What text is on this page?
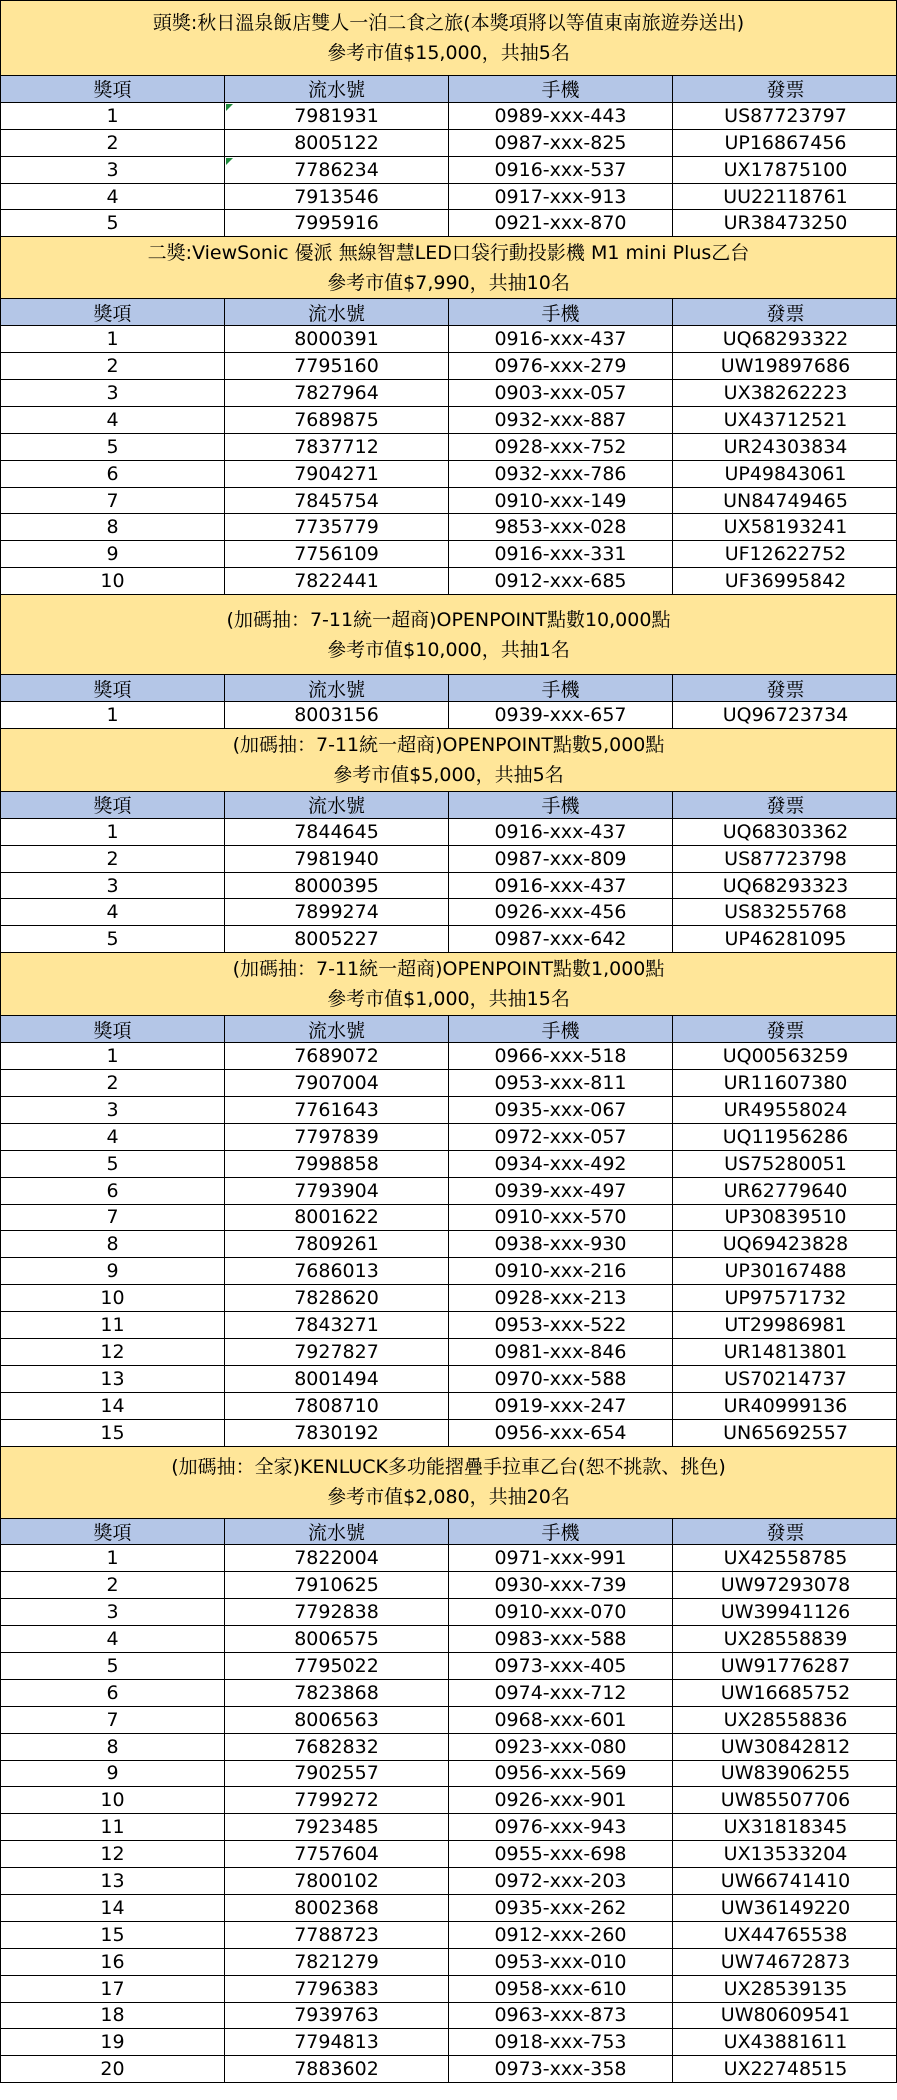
頭獎:秋日溫泉飯店雙人一泊二食之旅(本獎項將以等值東南旅遊券送出)
參考市值$15,000，共抽5名
獎項	流水號	手機	發票
1	7981931	0989-xxx-443	US87723797
2	8005122	0987-xxx-825	UP16867456
3	7786234	0916-xxx-537	UX17875100
4	7913546	0917-xxx-913	UU22118761
5	7995916	0921-xxx-870	UR38473250
二獎:ViewSonic 優派 無線智慧LED口袋行動投影機 M1 mini Plus乙台
參考市值$7,990，共抽10名
獎項	流水號	手機	發票
1	8000391	0916-xxx-437	UQ68293322
2	7795160	0976-xxx-279	UW19897686
3	7827964	0903-xxx-057	UX38262223
4	7689875	0932-xxx-887	UX43712521
5	7837712	0928-xxx-752	UR24303834
6	7904271	0932-xxx-786	UP49843061
7	7845754	0910-xxx-149	UN84749465
8	7735779	9853-xxx-028	UX58193241
9	7756109	0916-xxx-331	UF12622752
10	7822441	0912-xxx-685	UF36995842
(加碼抽：7-11統一超商)OPENPOINT點數10,000點
參考市值$10,000，共抽1名
獎項	流水號	手機	發票
1	8003156	0939-xxx-657	UQ96723734
(加碼抽：7-11統一超商)OPENPOINT點數5,000點
參考市值$5,000，共抽5名
獎項	流水號	手機	發票
1	7844645	0916-xxx-437	UQ68303362
2	7981940	0987-xxx-809	US87723798
3	8000395	0916-xxx-437	UQ68293323
4	7899274	0926-xxx-456	US83255768
5	8005227	0987-xxx-642	UP46281095
(加碼抽：7-11統一超商)OPENPOINT點數1,000點
參考市值$1,000，共抽15名
獎項	流水號	手機	發票
1	7689072	0966-xxx-518	UQ00563259
2	7907004	0953-xxx-811	UR11607380
3	7761643	0935-xxx-067	UR49558024
4	7797839	0972-xxx-057	UQ11956286
5	7998858	0934-xxx-492	US75280051
6	7793904	0939-xxx-497	UR62779640
7	8001622	0910-xxx-570	UP30839510
8	7809261	0938-xxx-930	UQ69423828
9	7686013	0910-xxx-216	UP30167488
10	7828620	0928-xxx-213	UP97571732
11	7843271	0953-xxx-522	UT29986981
12	7927827	0981-xxx-846	UR14813801
13	8001494	0970-xxx-588	US70214737
14	7808710	0919-xxx-247	UR40999136
15	7830192	0956-xxx-654	UN65692557
(加碼抽：全家)KENLUCK多功能摺疊手拉車乙台(恕不挑款、挑色)
參考市值$2,080，共抽20名
獎項	流水號	手機	發票
1	7822004	0971-xxx-991	UX42558785
2	7910625	0930-xxx-739	UW97293078
3	7792838	0910-xxx-070	UW39941126
4	8006575	0983-xxx-588	UX28558839
5	7795022	0973-xxx-405	UW91776287
6	7823868	0974-xxx-712	UW16685752
7	8006563	0968-xxx-601	UX28558836
8	7682832	0923-xxx-080	UW30842812
9	7902557	0956-xxx-569	UW83906255
10	7799272	0926-xxx-901	UW85507706
11	7923485	0976-xxx-943	UX31818345
12	7757604	0955-xxx-698	UX13533204
13	7800102	0972-xxx-203	UW66741410
14	8002368	0935-xxx-262	UW36149220
15	7788723	0912-xxx-260	UX44765538
16	7821279	0953-xxx-010	UW74672873
17	7796383	0958-xxx-610	UX28539135
18	7939763	0963-xxx-873	UW80609541
19	7794813	0918-xxx-753	UX43881611
20	7883602	0973-xxx-358	UX22748515
